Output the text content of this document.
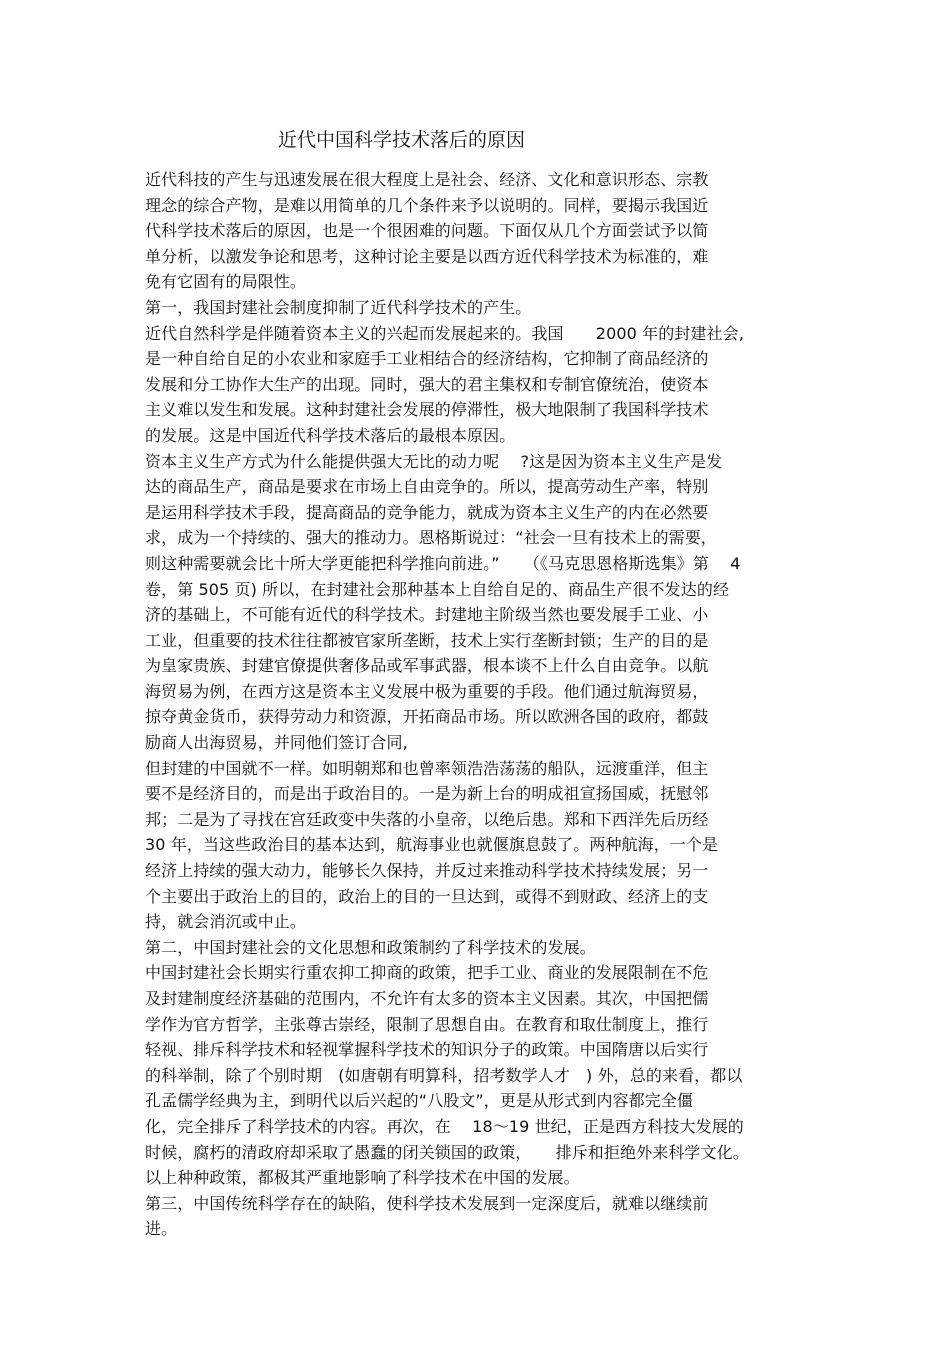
近代中国科学技术落后的原因
近代科技的产生与迅速发展在很大程度上是社会、经济、文化和意识形态、宗教
理念的综合产物，是难以用简单的几个条件来予以说明的。同样，要揭示我国近
代科学技术落后的原因，也是一个很困难的问题。下面仅从几个方面尝试予以简
单分析，以激发争论和思考，这种讨论主要是以西方近代科学技术为标准的，难
免有它固有的局限性。
第一，我国封建社会制度抑制了近代科学技术的产生。
近代自然科学是伴随着资本主义的兴起而发展起来的。我国　　2000 年的封建社会,
是一种自给自足的小农业和家庭手工业相结合的经济结构，它抑制了商品经济的
发展和分工协作大生产的出现。同时，强大的君主集权和专制官僚统治，使资本
主义难以发生和发展。这种封建社会发展的停滞性，极大地限制了我国科学技术
的发展。这是中国近代科学技术落后的最根本原因。
资本主义生产方式为什么能提供强大无比的动力呢　 ?这是因为资本主义生产是发
达的商品生产，商品是要求在市场上自由竞争的。所以，提高劳动生产率，特别
是运用科学技术手段，提高商品的竞争能力，就成为资本主义生产的内在必然要
求，成为一个持续的、强大的推动力。恩格斯说过：“社会一旦有技术上的需要，
则这种需要就会比十所大学更能把科学推向前进。”　　（《马克思恩格斯选集》第　 4
卷，第 505 页) 所以，在封建社会那种基本上自给自足的、商品生产很不发达的经
济的基础上，不可能有近代的科学技术。封建地主阶级当然也要发展手工业、小
工业，但重要的技术往往都被官家所垄断，技术上实行垄断封锁；生产的目的是
为皇家贵族、封建官僚提供奢侈品或军事武器，根本谈不上什么自由竞争。以航
海贸易为例，在西方这是资本主义发展中极为重要的手段。他们通过航海贸易，
掠夺黄金货币，获得劳动力和资源，开拓商品市场。所以欧洲各国的政府，都鼓
励商人出海贸易，并同他们签订合同,
但封建的中国就不一样。如明朝郑和也曾率领浩浩荡荡的船队，远渡重洋，但主
要不是经济目的，而是出于政治目的。一是为新上台的明成祖宣扬国威，抚慰邻
邦；二是为了寻找在宫廷政变中失落的小皇帝，以绝后患。郑和下西洋先后历经
30 年，当这些政治目的基本达到，航海事业也就偃旗息鼓了。两种航海，一个是
经济上持续的强大动力，能够长久保持，并反过来推动科学技术持续发展；另一
个主要出于政治上的目的，政治上的目的一旦达到，或得不到财政、经济上的支
持，就会消沉或中止。
第二，中国封建社会的文化思想和政策制约了科学技术的发展。
中国封建社会长期实行重农抑工抑商的政策，把手工业、商业的发展限制在不危
及封建制度经济基础的范围内，不允许有太多的资本主义因素。其次，中国把儒
学作为官方哲学，主张尊古崇经，限制了思想自由。在教育和取仕制度上，推行
轻视、排斥科学技术和轻视掌握科学技术的知识分子的政策。中国隋唐以后实行
的科举制，除了个别时期　(如唐朝有明算科，招考数学人才　) 外，总的来看，都以
孔孟儒学经典为主，到明代以后兴起的“八股文”，更是从形式到内容都完全僵
化，完全排斥了科学技术的内容。再次，在　 18～19 世纪，正是西方科技大发展的
时候，腐朽的清政府却采取了愚蠢的闭关锁国的政策，　　排斥和拒绝外来科学文化。
以上种种政策，都极其严重地影响了科学技术在中国的发展。
第三，中国传统科学存在的缺陷，使科学技术发展到一定深度后，就难以继续前
进。
